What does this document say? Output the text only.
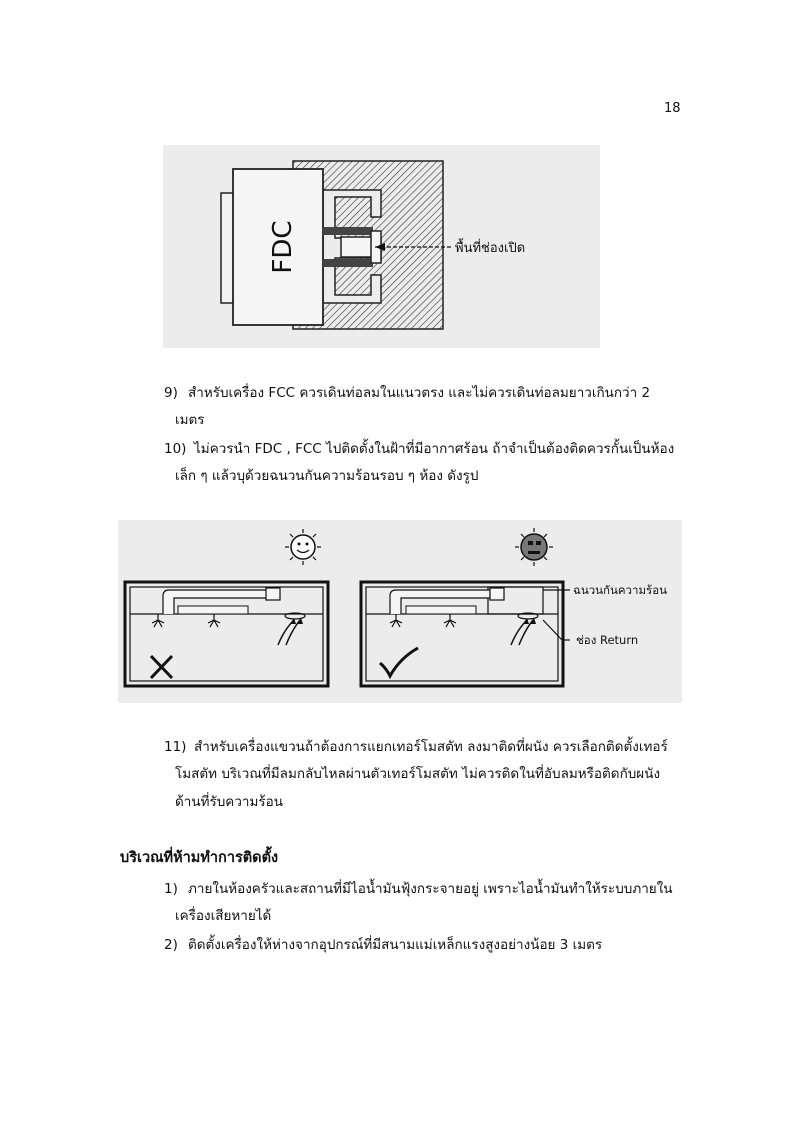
18
FDC	พื้นที่ช่องเปิด
9) สำหรับเครื่อง FCC ควรเดินท่อลมในแนวตรง และไม่ควรเดินท่อลมยาวเกินกว่า 2
เมตร
10) ไม่ควรนำ FDC , FCC ไปติดตั้งในฝ้าที่มีอากาศร้อน ถ้าจำเป็นต้องติดควรกั้นเป็นห้อง
เล็ก ๆ แล้วบุด้วยฉนวนกันความร้อนรอบ ๆ ห้อง ดังรูป
ฉนวนกันความร้อน
ช่อง Return
11) สำหรับเครื่องแขวนถ้าต้องการแยกเทอร์โมสตัท ลงมาติดที่ผนัง ควรเลือกติดตั้งเทอร์
โมสตัท บริเวณที่มีลมกลับไหลผ่านตัวเทอร์โมสตัท ไม่ควรติดในที่อับลมหรือติดกับผนัง
ด้านที่รับความร้อน
บริเวณที่ห้ามทำการติดตั้ง
1) ภายในห้องครัวและสถานที่มีไอน้ำมันฟุ้งกระจายอยู่ เพราะไอน้ำมันทำให้ระบบภายใน
เครื่องเสียหายได้
2) ติดตั้งเครื่องให้ห่างจากอุปกรณ์ที่มีสนามแม่เหล็กแรงสูงอย่างน้อย 3 เมตร
